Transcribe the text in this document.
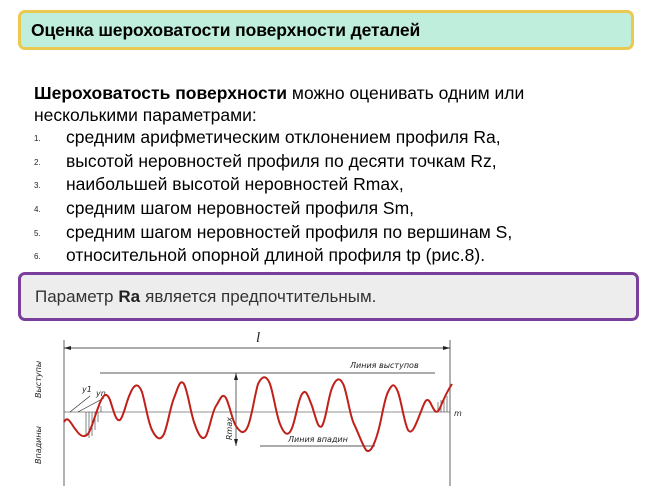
Оценка шероховатости поверхности деталей
Шероховатость поверхности можно оценивать одним или несколькими параметрами:
1. средним арифметическим отклонением профиля Ra,
2. высотой неровностей профиля по десяти точкам Rz,
3. наибольшей высотой неровностей Rmax,
4. средним шагом неровностей профиля Sm,
5. средним шагом неровностей профиля по вершинам S,
6. относительной опорной длиной профиля tp (рис.8).
Параметр Ra является предпочтительным.
l
Линия выступов
Линия впадин
m
Rmax
Выступы
Впадины
y1 yn
